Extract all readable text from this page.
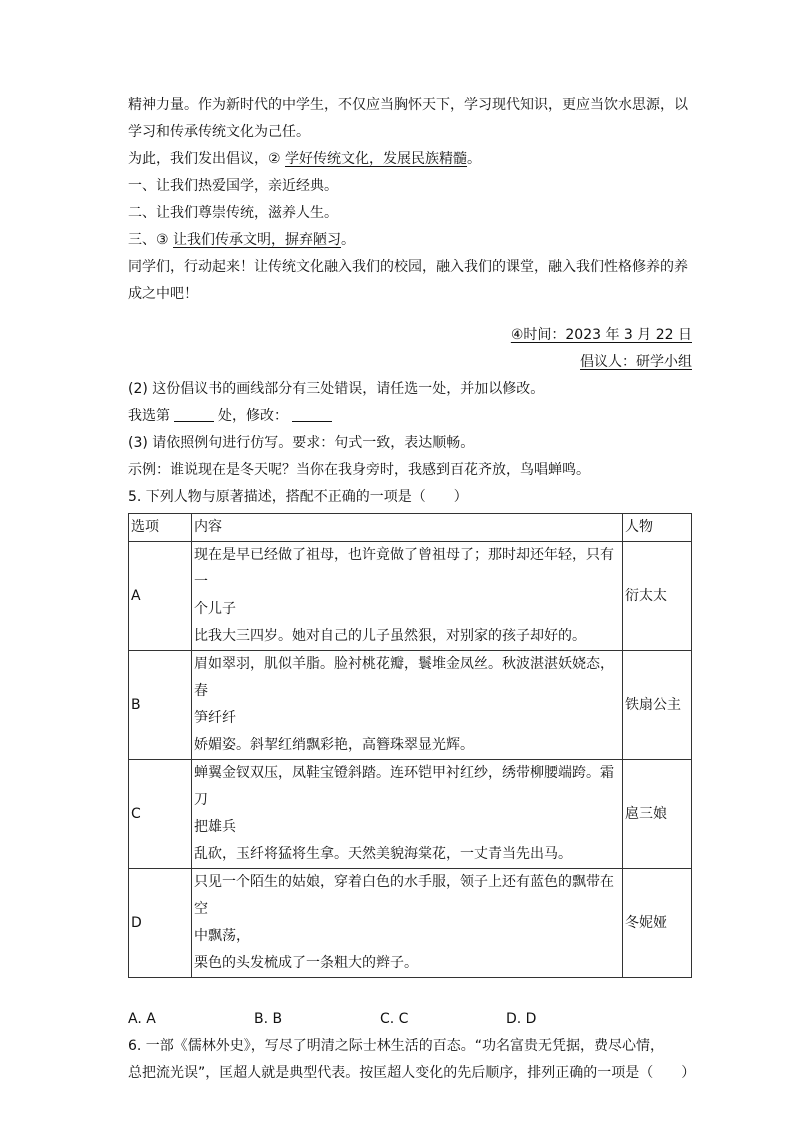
精神力量。作为新时代的中学生，不仅应当胸怀天下，学习现代知识，更应当饮水思源，以
学习和传承传统文化为己任。
为此，我们发出倡议，② 学好传统文化，发展民族精髓。
一、让我们热爱国学，亲近经典。
二、让我们尊崇传统，滋养人生。
三、③ 让我们传承文明，摒弃陋习。
同学们，行动起来！让传统文化融入我们的校园，融入我们的课堂，融入我们性格修养的养
成之中吧！
④时间：2023 年 3 月 22 日
倡议人：研学小组
(2) 这份倡议书的画线部分有三处错误，请任选一处，并加以修改。
我选第	处，修改：
(3) 请依照例句进行仿写。要求：句式一致，表达顺畅。
示例：谁说现在是冬天呢？当你在我身旁时，我感到百花齐放，鸟唱蝉鸣。
5. 下列人物与原著描述，搭配不正确的一项是（　　）
选项	内容	人物
A	现在是早已经做了祖母，也许竟做了曾祖母了；那时却还年轻，只有一
个儿子
比我大三四岁。她对自己的儿子虽然狠，对别家的孩子却好的。	衍太太
B	眉如翠羽，肌似羊脂。脸衬桃花瓣，鬟堆金凤丝。秋波湛湛妖娆态，春
笋纤纤
娇媚姿。斜挈红绡飘彩艳，高簪珠翠显光辉。	铁扇公主
C	蝉翼金钗双压，凤鞋宝镫斜踏。连环铠甲衬红纱，绣带柳腰端跨。霜刀
把雄兵
乱砍，玉纤将猛将生拿。天然美貌海棠花，一丈青当先出马。	扈三娘
D	只见一个陌生的姑娘，穿着白色的水手服，领子上还有蓝色的飘带在空
中飘荡，
栗色的头发梳成了一条粗大的辫子。	冬妮娅
A. A	B. B	C. C	D. D
6. 一部《儒林外史》，写尽了明清之际士林生活的百态。“功名富贵无凭据，费尽心情，
总把流光误”，匡超人就是典型代表。按匡超人变化的先后顺序，排列正确的一项是（　　）
